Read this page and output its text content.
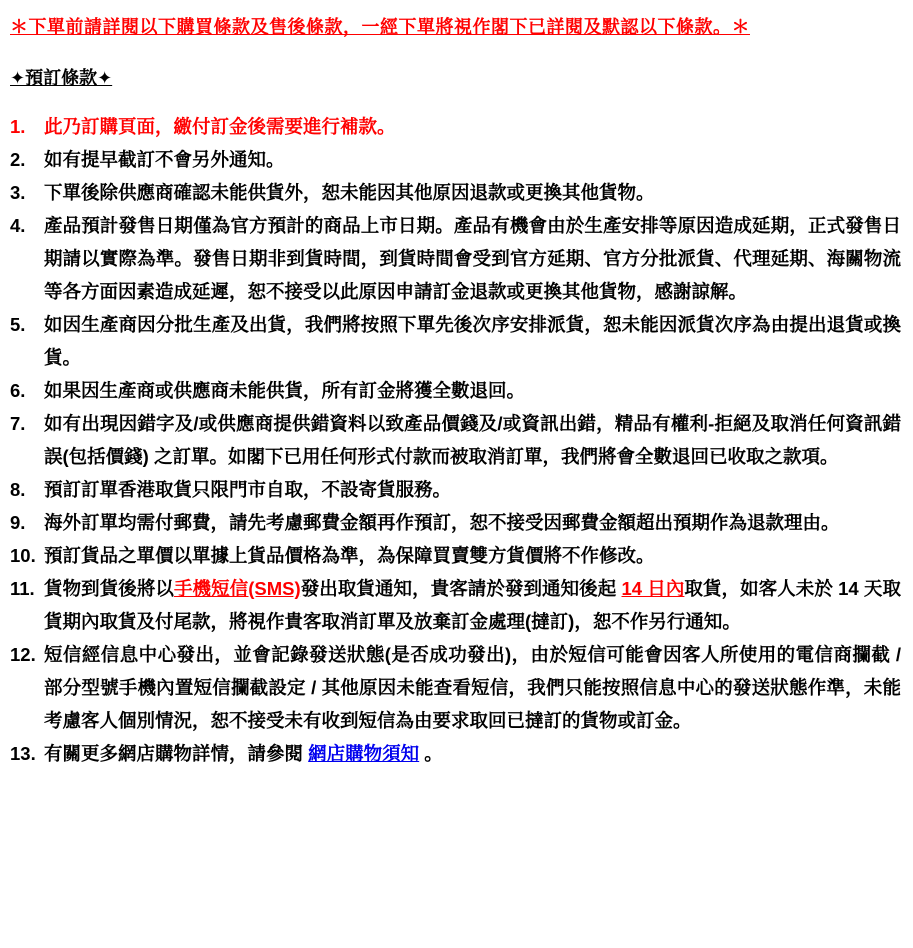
＊下單前請詳閱以下購買條款及售後條款，一經下單將視作閣下已詳閱及默認以下條款。＊
✦預訂條款✦
1.	此乃訂購頁面，繳付訂金後需要進行補款。
2.	如有提早截訂不會另外通知。
3.	下單後除供應商確認未能供貨外，恕未能因其他原因退款或更換其他貨物。
4.	產品預計發售日期僅為官方預計的商品上市日期。產品有機會由於生產安排等原因造成延期，正式發售日期請以實際為準。發售日期非到貨時間，到貨時間會受到官方延期、官方分批派貨、代理延期、海關物流等各方面因素造成延遲，恕不接受以此原因申請訂金退款或更換其他貨物，感謝諒解。
5.	如因生產商因分批生產及出貨，我們將按照下單先後次序安排派貨，恕未能因派貨次序為由提出退貨或換貨。
6.	如果因生產商或供應商未能供貨，所有訂金將獲全數退回。
7.	如有出現因錯字及/或供應商提供錯資料以致產品價錢及/或資訊出錯，精品有權利-拒絕及取消任何資訊錯誤(包括價錢) 之訂單。如閣下已用任何形式付款而被取消訂單，我們將會全數退回已收取之款項。
8.	預訂訂單香港取貨只限門市自取，不設寄貨服務。
9.	海外訂單均需付郵費，請先考慮郵費金額再作預訂，恕不接受因郵費金額超出預期作為退款理由。
10. 預訂貨品之單價以單據上貨品價格為準，為保障買賣雙方貨價將不作修改。
11. 貨物到貨後將以手機短信(SMS)發出取貨通知，貴客請於發到通知後起 14 日內取貨，如客人未於 14 天取貨期內取貨及付尾款，將視作貴客取消訂單及放棄訂金處理(撻訂)，恕不作另行通知。
12. 短信經信息中心發出，並會記錄發送狀態(是否成功發出)，由於短信可能會因客人所使用的電信商攔截 / 部分型號手機內置短信攔截設定 / 其他原因未能查看短信，我們只能按照信息中心的發送狀態作準，未能考慮客人個別情況，恕不接受未有收到短信為由要求取回已撻訂的貨物或訂金。
13. 有關更多網店購物詳情，請參閱 網店購物須知 。
